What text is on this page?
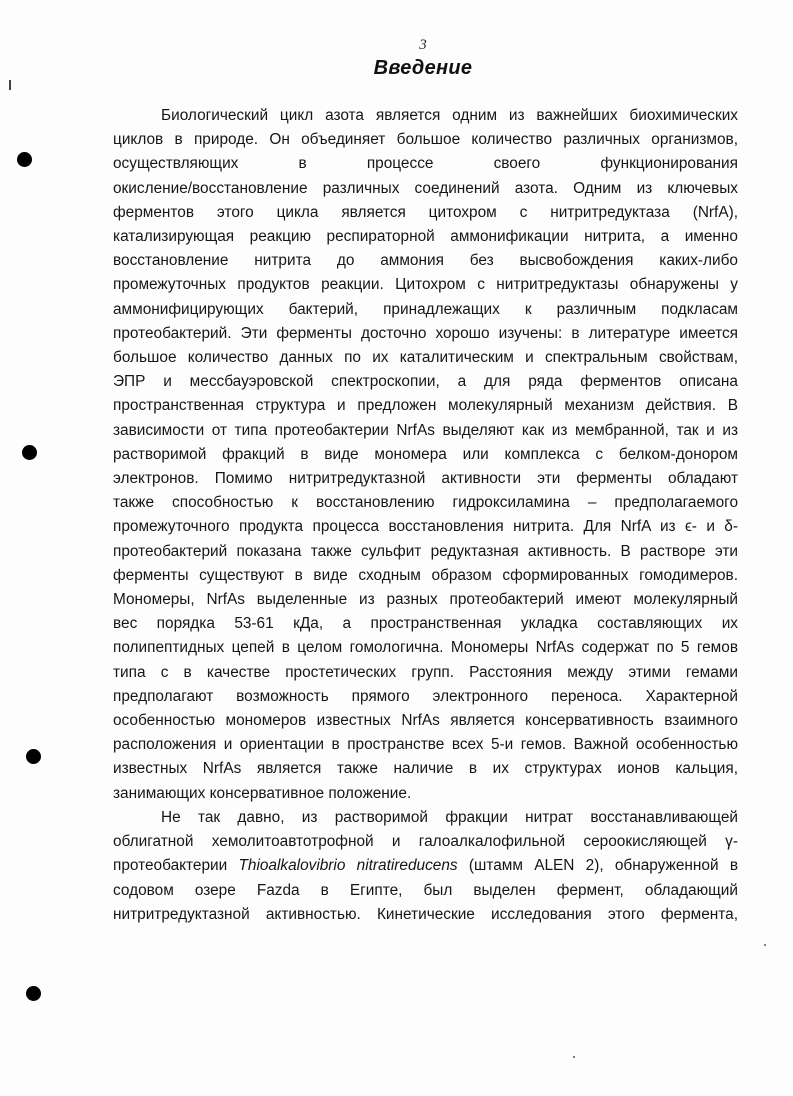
3
Введение

Биологический цикл азота является одним из важнейших биохимических
циклов в природе. Он объединяет большое количество различных организмов,
осуществляющих в процессе своего функционирования
окисление/восстановление различных соединений азота. Одним из ключевых
ферментов этого цикла является цитохром с нитритредуктаза (NrfA),
катализирующая реакцию респираторной аммонификации нитрита, а именно
восстановление нитрита до аммония без высвобождения каких-либо
промежуточных продуктов реакции. Цитохром с нитритредуктазы обнаружены у
аммонифицирующих бактерий, принадлежащих к различным подкласам
протеобактерий. Эти ферменты досточно хорошо изучены: в литературе имеется
большое количество данных по их каталитическим и спектральным свойствам,
ЭПР и мессбауэровской спектроскопии, а для ряда ферментов описана
пространственная структура и предложен молекулярный механизм действия. В
зависимости от типа протеобактерии NrfAs выделяют как из мембранной, так и из
растворимой фракций в виде мономера или комплекса с белком-донором
электронов. Помимо нитритредуктазной активности эти ферменты обладают
также способностью к восстановлению гидроксиламина – предполагаемого
промежуточного продукта процесса восстановления нитрита. Для NrfA из ϵ- и δ-
протеобактерий показана также сульфит редуктазная активность. В растворе эти
ферменты существуют в виде сходным образом сформированных гомодимеров.
Мономеры, NrfAs выделенные из разных протеобактерий имеют молекулярный
вес порядка 53-61 кДа, а пространственная укладка составляющих их
полипептидных цепей в целом гомологична. Мономеры NrfAs содержат по 5 гемов
типа с в качестве простетических групп. Расстояния между этими гемами
предполагают возможность прямого электронного переноса. Характерной
особенностью мономеров известных NrfAs является консервативность взаимного
расположения и ориентации в пространстве всех 5-и гемов. Важной особенностью
известных NrfAs является также наличие в их структурах ионов кальция,
занимающих консервативное положение.

Не так давно, из растворимой фракции нитрат восстанавливающей
облигатной хемолитоавтотрофной и галоалкалофильной сероокисляющей γ-
протеобактерии Thioalkalovibrio nitratireducens (штамм ALEN 2), обнаруженной в
содовом озере Fazda в Египте, был выделен фермент, обладающий
нитритредуктазной активностью. Кинетические исследования этого фермента,
